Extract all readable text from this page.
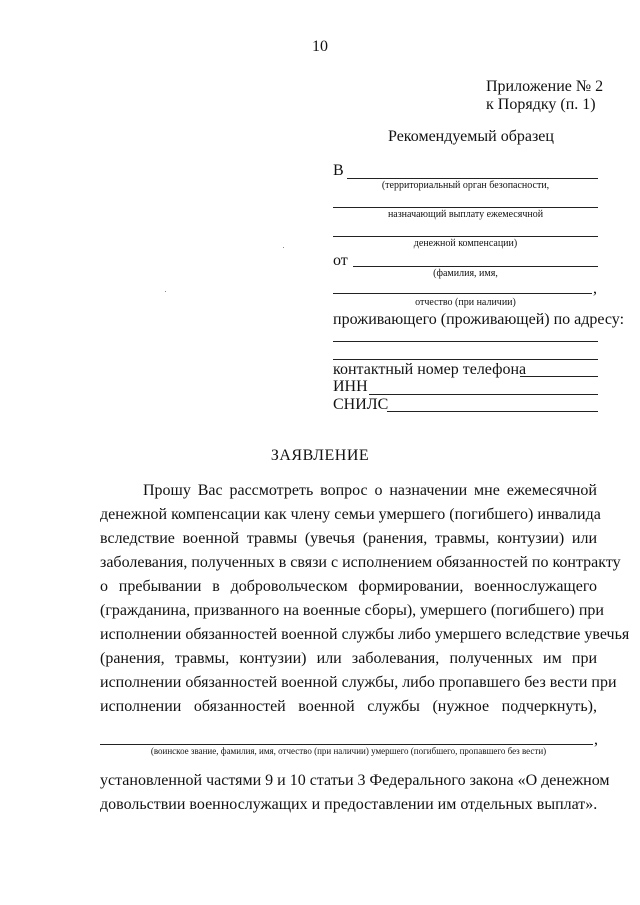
10
Приложение № 2
к Порядку (п. 1)
Рекомендуемый образец
В
(территориальный орган безопасности,
назначающий выплату ежемесячной
денежной компенсации)
от
(фамилия, имя,
,
отчество (при наличии)
проживающего (проживающей) по адресу:
контактный номер телефона
ИНН
СНИЛС
ЗАЯВЛЕНИЕ
Прошу Вас рассмотреть вопрос о назначении мне ежемесячной
денежной компенсации как члену семьи умершего (погибшего) инвалида
вследствие военной травмы (увечья (ранения, травмы, контузии) или
заболевания, полученных в связи с исполнением обязанностей по контракту
о пребывании в добровольческом формировании, военнослужащего
(гражданина, призванного на военные сборы), умершего (погибшего) при
исполнении обязанностей военной службы либо умершего вследствие увечья
(ранения, травмы, контузии) или заболевания, полученных им при
исполнении обязанностей военной службы, либо пропавшего без вести при
исполнении обязанностей военной службы (нужное подчеркнуть),
,
(воинское звание, фамилия, имя, отчество (при наличии) умершего (погибшего, пропавшего без вести)
установленной частями 9 и 10 статьи 3 Федерального закона «О денежном
довольствии военнослужащих и предоставлении им отдельных выплат».
